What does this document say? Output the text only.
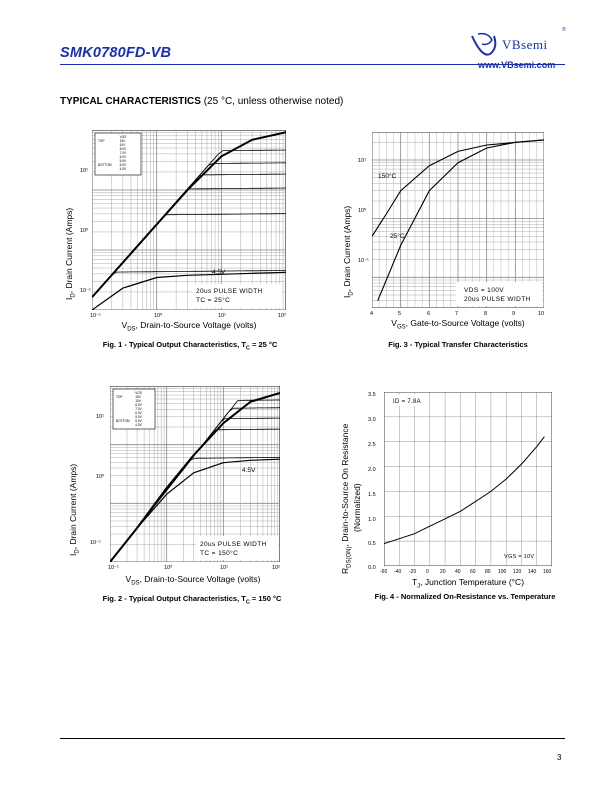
SMK0780FD-VB
VBsemi
®
www.VBsemi.com
TYPICAL CHARACTERISTICS (25 °C, unless otherwise noted)
VGS
15V
TOP
10V
8.0V
7.0V
6.0V
5.5V
5.0V
BOTTOM
4.5V
4.5V
20us PULSE WIDTH
TC = 25°C
10¹
10⁰
10⁻¹
10⁻¹	10⁰	10¹	10²
$I_D$, Drain Current (Amps)
$V_{DS}$, Drain-to-Source Voltage (volts)
Fig. 1 - Typical Output Characteristics, $T_C = 25$ °C
150°C
25°C
VDS = 100V
20us PULSE WIDTH
10¹
10⁰
10⁻¹
4	5	6	7	8	9	10
$I_D$, Drain Current (Amps)
$V_{GS}$, Gate-to-Source Voltage (volts)
Fig. 3 - Typical Transfer Characteristics
VGS
15V
TOP
10V
8.0V
7.0V
6.0V
5.5V
5.0V
BOTTOM
4.5V
4.5V
20us PULSE WIDTH
TC = 150°C
10¹
10⁰
10⁻¹
10⁻¹	10⁰	10¹	10²
$I_D$, Drain Current (Amps)
$V_{DS}$, Drain-to-Source Voltage (volts)
Fig. 2 - Typical Output Characteristics, $T_C = 150$ °C
ID = 7.8A
VGS = 10V
3.5
3.0
2.5
2.0
1.5
1.0
0.5
0.0
-60 -40 -20 0 20 40 60 80 100 120 140 160
$R_{DS(ON)}$, Drain-to-Source On Resistance (Normalized)
$T_J$, Junction Temperature (°C)
Fig. 4 - Normalized On-Resistance vs. Temperature
3
